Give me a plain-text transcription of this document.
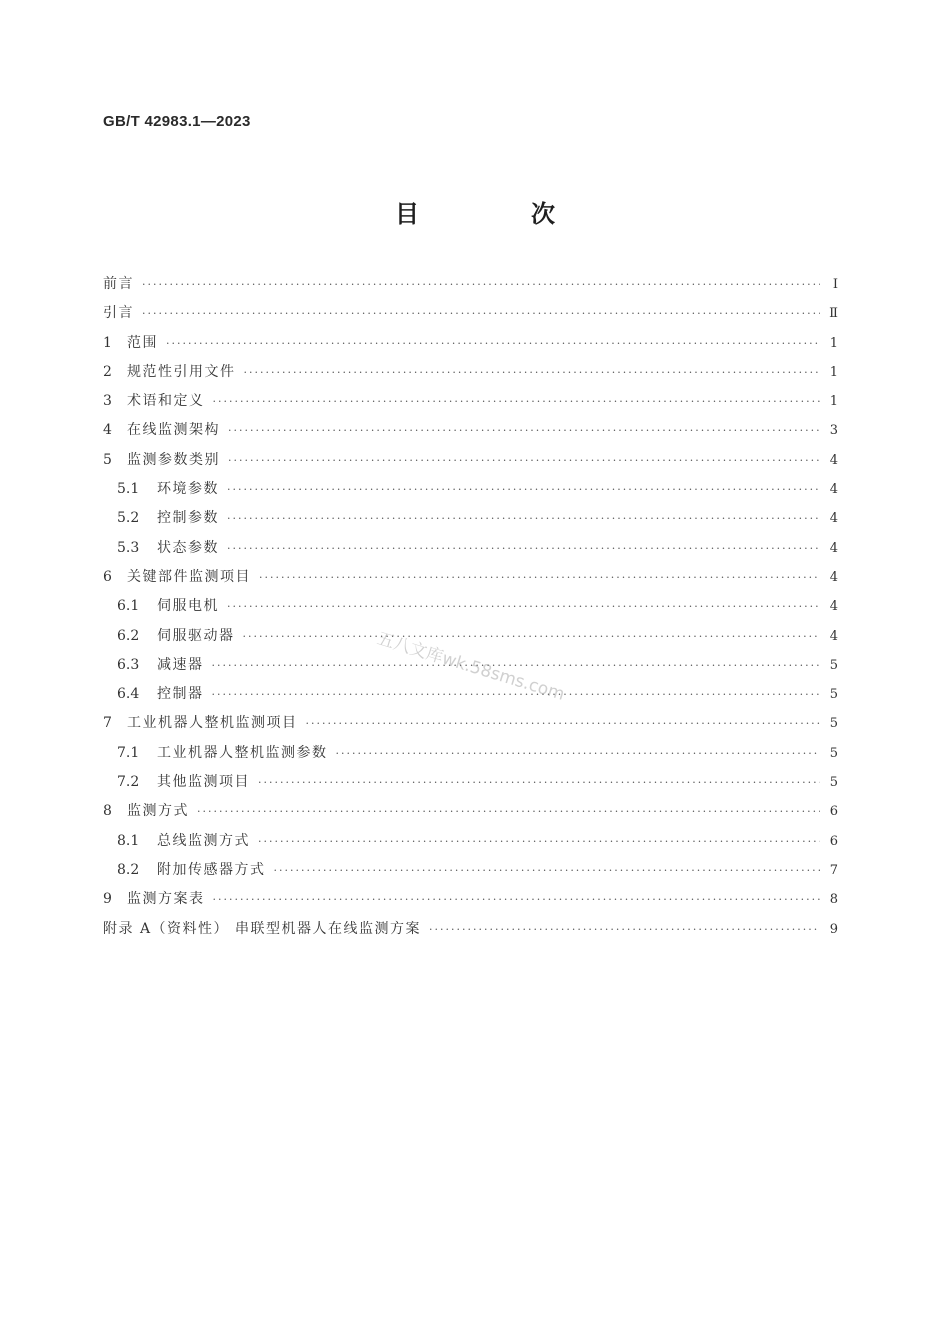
GB/T 42983.1—2023
目　次
前言 ·····	Ⅰ
引言 ·····	Ⅱ
1	范围 ·····	1
2	规范性引用文件 ·····	1
3	术语和定义 ·····	1
4	在线监测架构 ·····	3
5	监测参数类别 ·····	4
5.1	环境参数 ·····	4
5.2	控制参数 ·····	4
5.3	状态参数 ·····	4
6	关键部件监测项目 ·····	4
6.1	伺服电机 ·····	4
6.2	伺服驱动器 ·····	4
6.3	减速器 ·····	5
6.4	控制器 ·····	5
7	工业机器人整机监测项目 ·····	5
7.1	工业机器人整机监测参数 ·····	5
7.2	其他监测项目 ·····	5
8	监测方式 ·····	6
8.1	总线监测方式 ·····	6
8.2	附加传感器方式 ·····	7
9	监测方案表 ·····	8
附录 A（资料性） 串联型机器人在线监测方案 ·····	9
五八文库wk.58sms.com
